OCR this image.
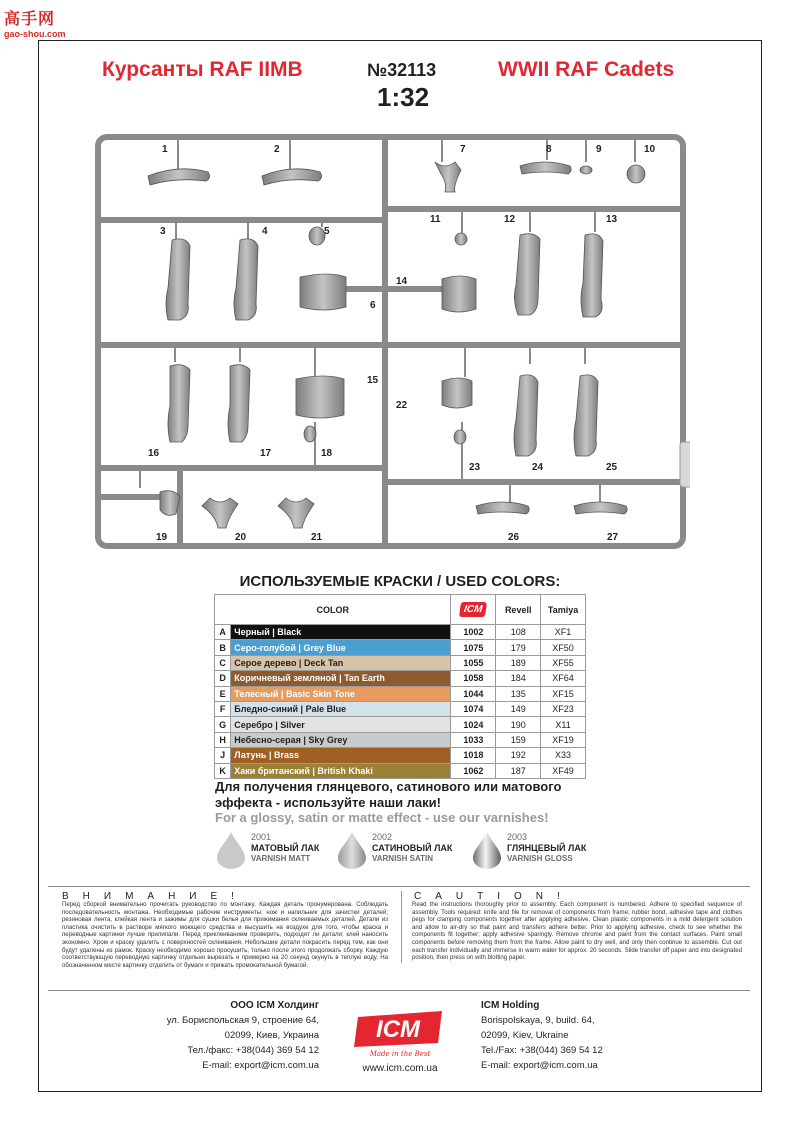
高手网
gao-shou.com
Курсанты RAF IIМВ	№32113
1:32
WWII RAF Cadets
1	2
3	4	5
6
7	8	9	10
11	12	13
14
15
16	17	18
19	20	21
22
23	24	25
26	27
ИСПОЛЬЗУЕМЫЕ КРАСКИ / USED COLORS:
COLOR		ICM	Revell	Tamiya
A	Черный | Black	1002	108	XF1
B	Серо-голубой | Grey Blue	1075	179	XF50
C	Серое дерево | Deck Tan	1055	189	XF55
D	Коричневый земляной | Tan Earth	1058	184	XF64
E	Телесный | Basic Skin Tone	1044	135	XF15
F	Бледно-синий | Pale Blue	1074	149	XF23
G	Серебро | Silver	1024	190	X11
H	Небесно-серая | Sky Grey	1033	159	XF19
J	Латунь | Brass	1018	192	X33
K	Хаки британский | British Khaki	1062	187	XF49
Для получения глянцевого, сатинового или матового
эффекта - используйте наши лаки!
For a glossy, satin or matte effect - use our varnishes!
2001
МАТОВЫЙ ЛАК
VARNISH MATT
2002
САТИНОВЫЙ ЛАК
VARNISH SATIN
2003
ГЛЯНЦЕВЫЙ ЛАК
VARNISH GLOSS
ВНИМАНИЕ!	CAUTION!
Перед сборкой внимательно прочитать руководство по монтажу. Каждая деталь пронумерована. Соблюдать последовательность монтажа. Необходимые рабочие инструменты: нож и напильник для зачистки деталей; резиновая лента, клейкая лента и зажимы для сушки белья для прижимания склеиваемых деталей. Детали из пластика очистить в растворе мягкого моющего средства и высушить на воздухе для того, чтобы краска и переводные картинки лучше прилипали. Перед приклеиванием проверить, подходят ли детали; клей наносить экономно. Хром и краску удалить с поверхностей склеивания. Небольшие детали покрасить перед тем, как они будут удалены из рамок. Краску необходимо хорошо просушить, только после этого продолжать сборку. Каждую соответствующую переводную картинку отдельно вырезать и примерно на 20 секунд окунуть в теплую воду. На обозначенном месте картинку отделить от бумаги и прижать промокательной бумагой.
Read the instructions thoroughly prior to assembly. Each component is numbered. Adhere to specified sequence of assembly. Tools required: knife and file for removal of components from frame; rubber bond, adhesive tape and clothes pegs for clamping components together after applying adhesive. Clean plastic components in a mild detergent solution and allow to air-dry so that paint and transfers adhere better. Prior to applying adhesive, check to see whether the components fit together; apply adhesive sparingly. Remove chrome and paint from the contact surfaces. Paint small components before removing them from the frame. Allow paint to dry well, and only then continue to assemble. Cut out each transfer individually and immerse in warm water for approx. 20 seconds. Slide transfer off paper and into designated position, then press on with blotting paper.
ООО ICM Холдинг
ул. Бориспольская 9, строение 64,
02099, Киев, Украина
Тел./факс: +38(044) 369 54 12
E-mail: export@icm.com.ua
ICM Holding
Borispolskaya, 9, build. 64,
02099, Kiev, Ukraine
Tel./Fax: +38(044) 369 54 12
E-mail: export@icm.com.ua
ICM
Made in the Best
www.icm.com.ua
